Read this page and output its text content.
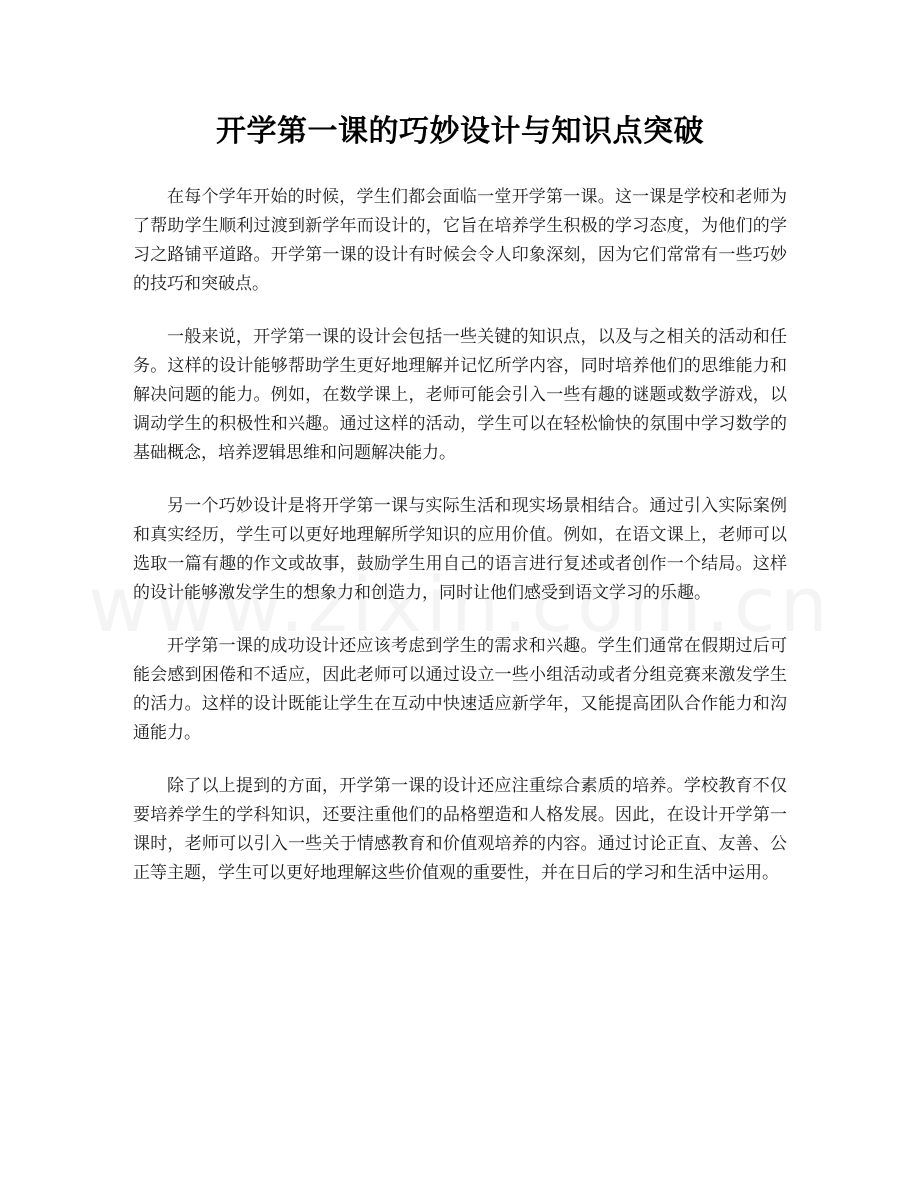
开学第一课的巧妙设计与知识点突破

在每个学年开始的时候，学生们都会面临一堂开学第一课。这一课是学校和老师为了帮助学生顺利过渡到新学年而设计的，它旨在培养学生积极的学习态度，为他们的学习之路铺平道路。开学第一课的设计有时候会令人印象深刻，因为它们常常有一些巧妙的技巧和突破点。

一般来说，开学第一课的设计会包括一些关键的知识点，以及与之相关的活动和任务。这样的设计能够帮助学生更好地理解并记忆所学内容，同时培养他们的思维能力和解决问题的能力。例如，在数学课上，老师可能会引入一些有趣的谜题或数学游戏，以调动学生的积极性和兴趣。通过这样的活动，学生可以在轻松愉快的氛围中学习数学的基础概念，培养逻辑思维和问题解决能力。

另一个巧妙设计是将开学第一课与实际生活和现实场景相结合。通过引入实际案例和真实经历，学生可以更好地理解所学知识的应用价值。例如，在语文课上，老师可以选取一篇有趣的作文或故事，鼓励学生用自己的语言进行复述或者创作一个结局。这样的设计能够激发学生的想象力和创造力，同时让他们感受到语文学习的乐趣。

开学第一课的成功设计还应该考虑到学生的需求和兴趣。学生们通常在假期过后可能会感到困倦和不适应，因此老师可以通过设立一些小组活动或者分组竞赛来激发学生的活力。这样的设计既能让学生在互动中快速适应新学年，又能提高团队合作能力和沟通能力。

除了以上提到的方面，开学第一课的设计还应注重综合素质的培养。学校教育不仅要培养学生的学科知识，还要注重他们的品格塑造和人格发展。因此，在设计开学第一课时，老师可以引入一些关于情感教育和价值观培养的内容。通过讨论正直、友善、公正等主题，学生可以更好地理解这些价值观的重要性，并在日后的学习和生活中运用。
